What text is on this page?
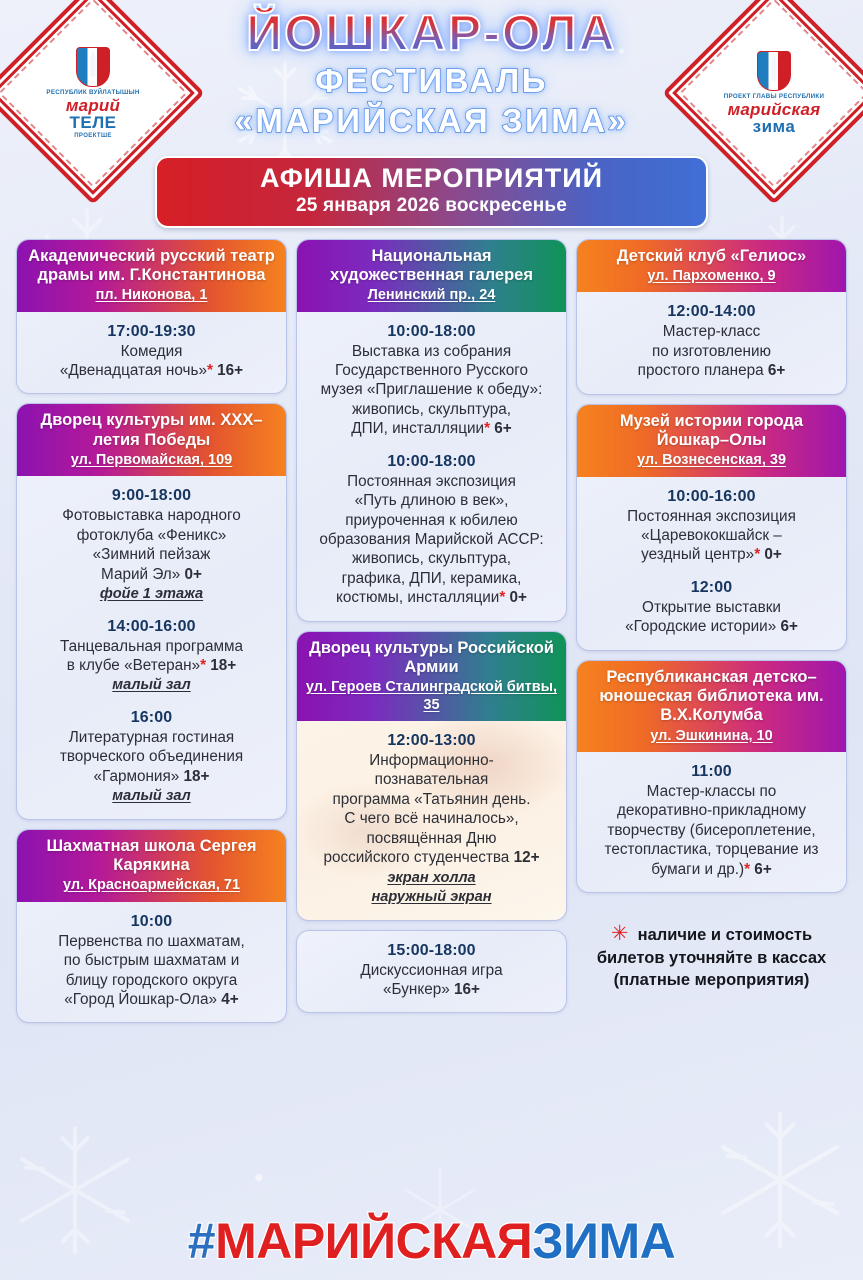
РЕСПУБЛИК ВУЙЛАТЫШЫН
марий
ТЕЛЕ
ПРОЕКТШЕ
ПРОЕКТ ГЛАВЫ РЕСПУБЛИКИ
марийская
зима
ЙОШКАР-ОЛА
ФЕСТИВАЛЬ
«МАРИЙСКАЯ ЗИМА»
АФИША МЕРОПРИЯТИЙ
25 января 2026 воскресенье
Академический русский театр драмы им. Г.Константинова
пл. Никонова, 1
17:00-19:30
Комедия
«Двенадцатая ночь»* 16+
Дворец культуры им. XXX–летия Победы
ул. Первомайская, 109
9:00-18:00
Фотовыставка народного
фотоклуба «Феникс»
«Зимний пейзаж
Марий Эл» 0+
фойе 1 этажа
14:00-16:00
Танцевальная программа
в клубе «Ветеран»* 18+
малый зал
16:00
Литературная гостиная
творческого объединения
«Гармония» 18+
малый зал
Шахматная школа Сергея Карякина
ул. Красноармейская, 71
10:00
Первенства по шахматам,
по быстрым шахматам и
блицу городского округа
«Город Йошкар-Ола» 4+
Национальная художественная галерея
Ленинский пр., 24
10:00-18:00
Выставка из собрания
Государственного Русского
музея «Приглашение к обеду»:
живопись, скульптура,
ДПИ, инсталляции* 6+
10:00-18:00
Постоянная экспозиция
«Путь длиною в век»,
приуроченная к юбилею
образования Марийской АССР:
живопись, скульптура,
графика, ДПИ, керамика,
костюмы, инсталляции* 0+
Дворец культуры Российской Армии
ул. Героев Сталинградской битвы, 35
12:00-13:00
Информационно-
познавательная
программа «Татьянин день.
С чего всё начиналось»,
посвящённая Дню
российского студенчества 12+
экран холла
наружный экран
15:00-18:00
Дискуссионная игра
«Бункер» 16+
Детский клуб «Гелиос»
ул. Пархоменко, 9
12:00-14:00
Мастер-класс
по изготовлению
простого планера 6+
Музей истории города Йошкар–Олы
ул. Вознесенская, 39
10:00-16:00
Постоянная экспозиция
«Царевококшайск –
уездный центр»* 0+
12:00
Открытие выставки
«Городские истории» 6+
Республиканская детско–юношеская библиотека им. В.Х.Колумба
ул. Эшкинина, 10
11:00
Мастер-классы по
декоративно-прикладному
творчеству (бисероплетение,
тестопластика, торцевание из
бумаги и др.)* 6+
✳ наличие и стоимость
билетов уточняйте в кассах
(платные мероприятия)
#МАРИЙСКАЯЗИМА
